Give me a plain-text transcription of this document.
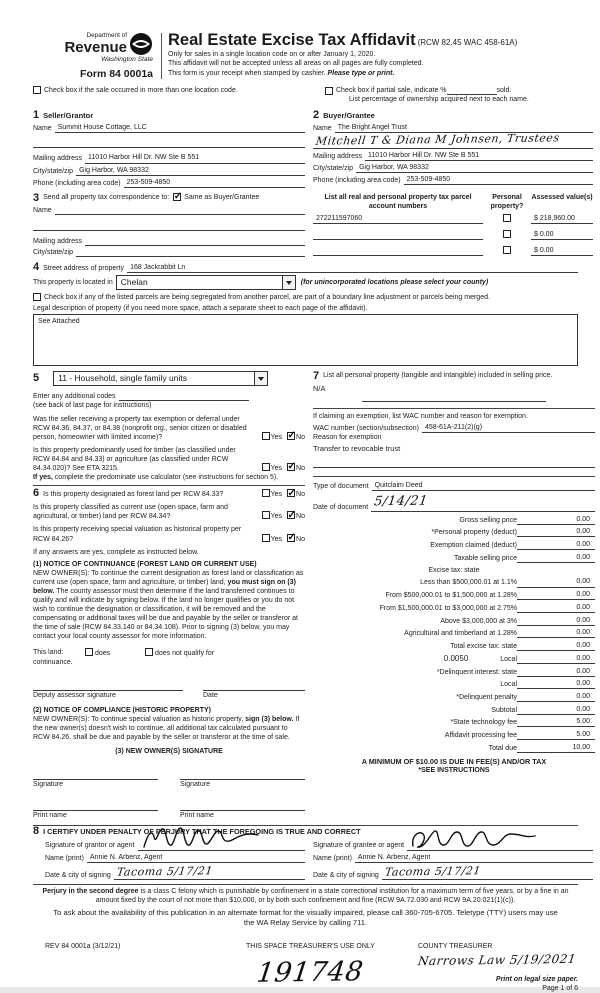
Department of
Revenue
Washington State
Form 84 0001a
Real Estate Excise Tax Affidavit (RCW 82.45 WAC 458-61A)
Only for sales in a single location code on or after January 1, 2020.
This affidavit will not be accepted unless all areas on all pages are fully completed.
This form is your receipt when stamped by cashier. Please type or print.
Check box if the sale occurred in more than one location code.	Check box if partial sale, indicate %	sold.
List percentage of ownership acquired next to each name.
1 Seller/Grantor
Name Summit House Cottage, LLC
Mailing address 11010 Harbor Hill Dr. NW Ste B 551
City/state/zip Gig Harbor, WA 98332
Phone (including area code) 253-509-4850
2 Buyer/Grantee
Name The Bright Angel Trust
Mitchell T & Diana M Johnsen, Trustees
Mailing address 11010 Harbor Hill Dr. NW Ste B 551
City/state/zip Gig Harbor, WA 98332
Phone (including area code) 253-509-4850
3 Send all property tax correspondence to: ✓ Same as Buyer/Grantee
Name
Mailing address
City/state/zip
List all real and personal property tax parcel account numbers
Personal property?
Assessed value(s)
272211597060	$ 218,960.00
$ 0.00
$ 0.00
4 Street address of property 168 Jackrabbit Ln
This property is located in Chelan	(for unincorporated locations please select your county)
Check box if any of the listed parcels are being segregated from another parcel, are part of a boundary line adjustment or parcels being merged.
Legal description of property (if you need more space, attach a separate sheet to each page of the affidavit).
See Attached
5	11 - Household, single family units
Enter any additional codes
(see back of last page for instructions)
Was the seller receiving a property tax exemption or deferral under RCW 84.36, 84.37, or 84.38 (nonprofit org., senior citizen or disabled person, homeowner with limited income)?	Yes ✓ No
Is this property predominantly used for timber (as classified under RCW 84.84 and 84.33) or agriculture (as classified under RCW 84.34.020)? See ETA 3215.	Yes ✓ No
If yes, complete the predominate use calculator (see instructions for section 5).
6 Is this property designated as forest land per RCW 84.33?	Yes ✓ No
Is this property classified as current use (open space, farm and agricultural, or timber) land per RCW 84.34?	Yes ✓ No
Is this property receiving special valuation as historical property per RCW 84.26?	Yes ✓ No
If any answers are yes, complete as instructed below.
(1) NOTICE OF CONTINUANCE (FOREST LAND OR CURRENT USE)
NEW OWNER(S): To continue the current designation as forest land or classification as current use (open space, farm and agriculture, or timber) land, you must sign on (3) below. The county assessor must then determine if the land transferred continues to qualify and will indicate by signing below. If the land no longer qualifies or you do not wish to continue the designation or classification, it will be removed and the compensating or additional taxes will be due and payable by the seller or transferor at the time of sale (RCW 84.33.140 or 84.34.108). Prior to signing (3) below, you may contact your local county assessor for more information.
This land:	does	does not qualify for
continuance.
Deputy assessor signature	Date
(2) NOTICE OF COMPLIANCE (HISTORIC PROPERTY)
NEW OWNER(S): To continue special valuation as historic property, sign (3) below. If the new owner(s) doesn't wish to continue, all additional tax calculated pursuant to RCW 84.26, shall be due and payable by the seller or transferor at the time of sale.
(3) NEW OWNER(S) SIGNATURE
Signature	Signature
Print name	Print name
7 List all personal property (tangible and intangible) included in selling price.
N/A
If claiming an exemption, list WAC number and reason for exemption.
WAC number (section/subsection) 458-61A-211(2)(g)
Reason for exemption
Transfer to revocable trust
Type of document Quitclaim Deed
Date of document 5/14/21
Gross selling price	0.00
*Personal property (deduct)	0.00
Exemption claimed (deduct)	0.00
Taxable selling price	0.00
Excise tax: state
Less than $500,000.01 at 1.1%	0.00
From $500,000.01 to $1,500,000 at 1.28%	0.00
From $1,500,000.01 to $3,000,000 at 2.75%	0.00
Above $3,000,000 at 3%	0.00
Agricultural and timberland at 1.28%	0.00
Total excise tax: state	0.00
0.0050	Local	0.00
*Delinquent interest: state	0.00
Local	0.00
*Delinquent penalty	0.00
Subtotal	0.00
*State technology fee	5.00
Affidavit processing fee	5.00
Total due	10.00
A MINIMUM OF $10.00 IS DUE IN FEE(S) AND/OR TAX
*SEE INSTRUCTIONS
8 I CERTIFY UNDER PENALTY OF PERJURY THAT THE FOREGOING IS TRUE AND CORRECT
Signature of grantor or agent
Name (print) Annie N. Arbenz, Agent
Date & city of signing Tacoma 5/17/21
Signature of grantee or agent
Name (print) Annie N. Arbenz, Agent
Date & city of signing Tacoma 5/17/21
Perjury in the second degree is a class C felony which is punishable by confinement in a state correctional institution for a maximum term of five years, or by a fine in an amount fixed by the court of not more than $10,000, or by both such confinement and fine (RCW 9A.72.030 and RCW 9A.20.021(1)(c)).
To ask about the availability of this publication in an alternate format for the visually impaired, please call 360-705-6705. Teletype (TTY) users may use the WA Relay Service by calling 711.
REV 84 0001a (3/12/21)	THIS SPACE TREASURER'S USE ONLY
191748
COUNTY TREASURER
Narrows Law 5/19/2021
Print on legal size paper.
Page 1 of 6
